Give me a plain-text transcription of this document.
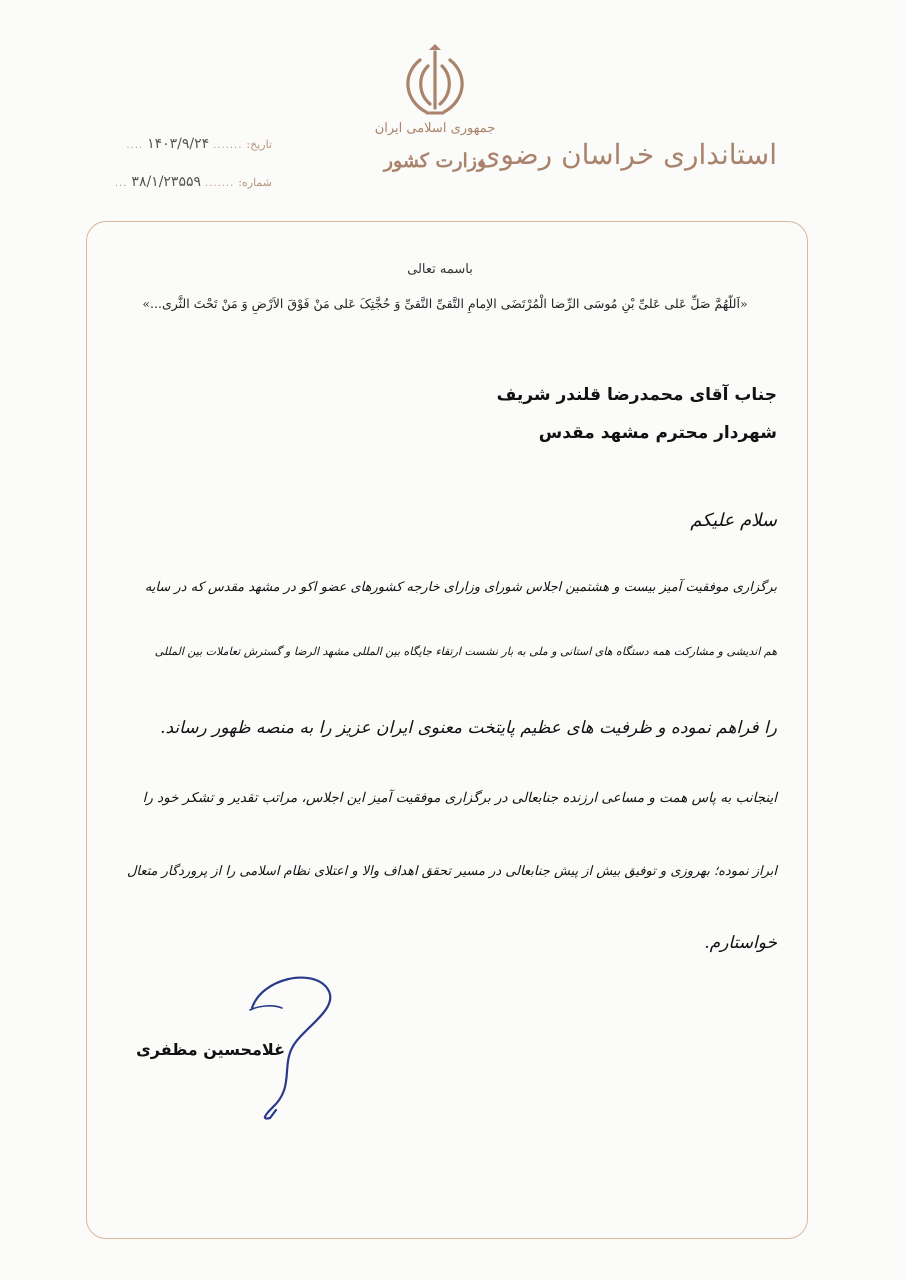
جمهوری اسلامی ایران
وزارت کشور
استانداری خراسان رضوی
تاریخ:
.......
۱۴۰۳/۹/۲۴
....
شماره:
.......
۳۸/۱/۲۳۵۵۹
...
باسمه تعالی
«اَللّهُمَّ صَلِّ عَلی عَلیِّ بْنِ مُوسَی الرِّضا الْمُرْتَضَی الاِمامِ التَّقیِّ النَّقیِّ وَ حُجَّتِکَ عَلی مَنْ فَوْقَ الاَرْضِ وَ مَنْ تَحْتَ الثَّری...»
جناب آقای محمدرضا قلندر شریف
شهردار محترم مشهد مقدس
سلام علیکم
برگزاری موفقیت آمیز بیست و هشتمین اجلاس شورای وزارای خارجه کشورهای عضو اکو در مشهد مقدس که در سایه
هم اندیشی و مشارکت همه دستگاه های استانی و ملی به بار نشست ارتقاء جایگاه بین المللی مشهد الرضا و گسترش تعاملات بین المللی
را فراهم نموده و ظرفیت های عظیم پایتخت معنوی ایران عزیز را به منصه ظهور رساند.
اینجانب به پاس همت و مساعی ارزنده جنابعالی در برگزاری موفقیت آمیز این اجلاس، مراتب تقدیر و تشکر خود را
ابراز نموده؛ بهروزی و توفیق بیش از پیش جنابعالی در مسیر تحقق اهداف والا و اعتلای نظام اسلامی را از پروردگار متعال
خواستارم.
غلامحسین مظفری
